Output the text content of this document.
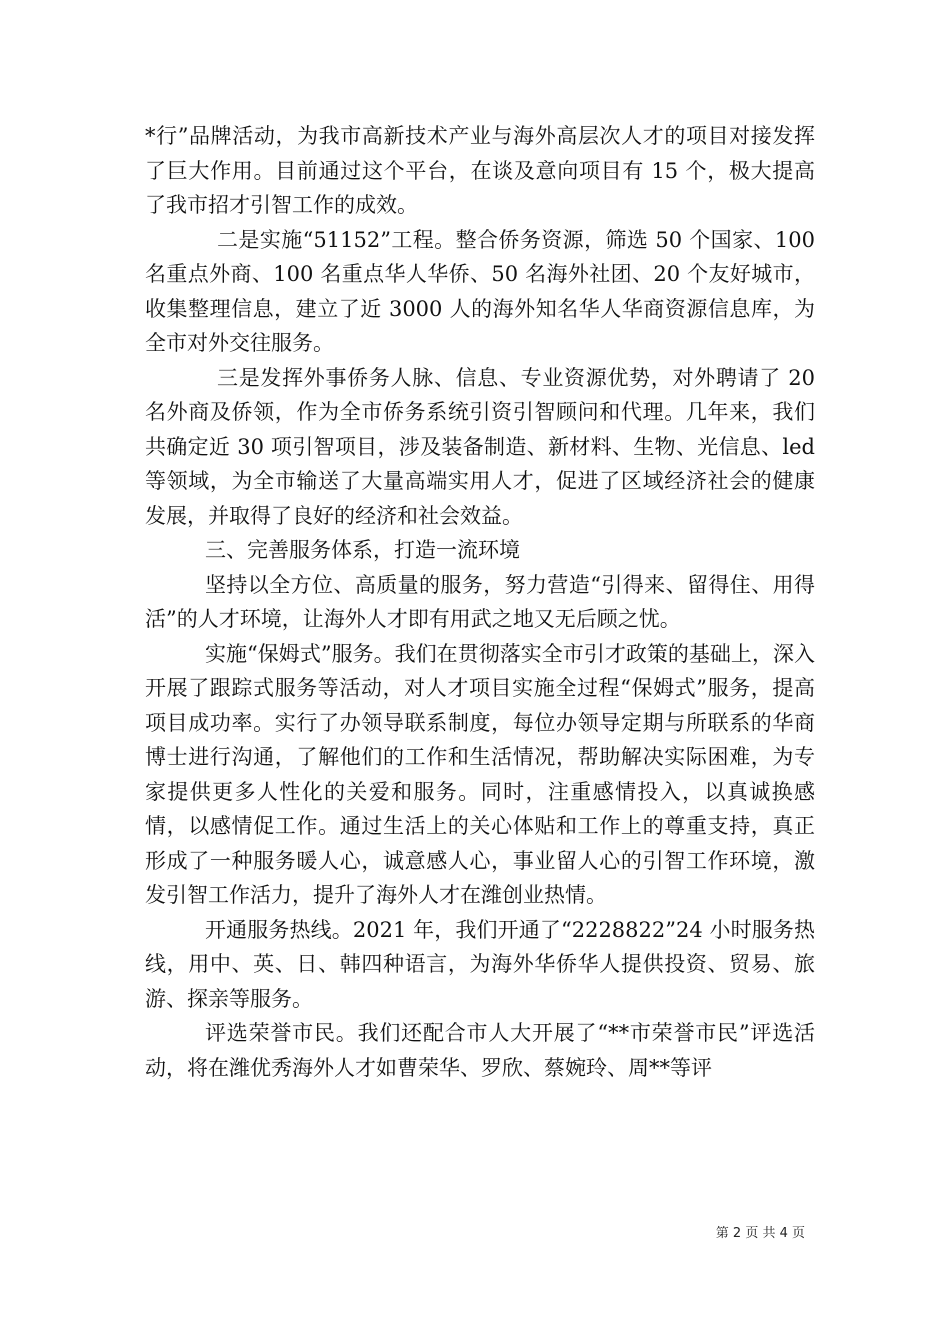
*行”品牌活动，为我市高新技术产业与海外高层次人才的项目对接发挥了巨大作用。目前通过这个平台，在谈及意向项目有 15 个，极大提高了我市招才引智工作的成效。

二是实施“51152”工程。整合侨务资源，筛选 50 个国家、100 名重点外商、100 名重点华人华侨、50 名海外社团、20 个友好城市，收集整理信息，建立了近 3000 人的海外知名华人华商资源信息库，为全市对外交往服务。

三是发挥外事侨务人脉、信息、专业资源优势，对外聘请了 20 名外商及侨领，作为全市侨务系统引资引智顾问和代理。几年来，我们共确定近 30 项引智项目，涉及装备制造、新材料、生物、光信息、led 等领域，为全市输送了大量高端实用人才，促进了区域经济社会的健康发展，并取得了良好的经济和社会效益。

三、完善服务体系，打造一流环境

坚持以全方位、高质量的服务，努力营造“引得来、留得住、用得活”的人才环境，让海外人才即有用武之地又无后顾之忧。

实施“保姆式”服务。我们在贯彻落实全市引才政策的基础上，深入开展了跟踪式服务等活动，对人才项目实施全过程“保姆式”服务，提高项目成功率。实行了办领导联系制度，每位办领导定期与所联系的华商博士进行沟通，了解他们的工作和生活情况，帮助解决实际困难，为专家提供更多人性化的关爱和服务。同时，注重感情投入，以真诚换感情，以感情促工作。通过生活上的关心体贴和工作上的尊重支持，真正形成了一种服务暖人心，诚意感人心，事业留人心的引智工作环境，激发引智工作活力，提升了海外人才在潍创业热情。

开通服务热线。2021 年，我们开通了“2228822”24 小时服务热线，用中、英、日、韩四种语言，为海外华侨华人提供投资、贸易、旅游、探亲等服务。

评选荣誉市民。我们还配合市人大开展了“**市荣誉市民”评选活动，将在潍优秀海外人才如曹荣华、罗欣、蔡婉玲、周**等评

第 2 页 共 4 页
